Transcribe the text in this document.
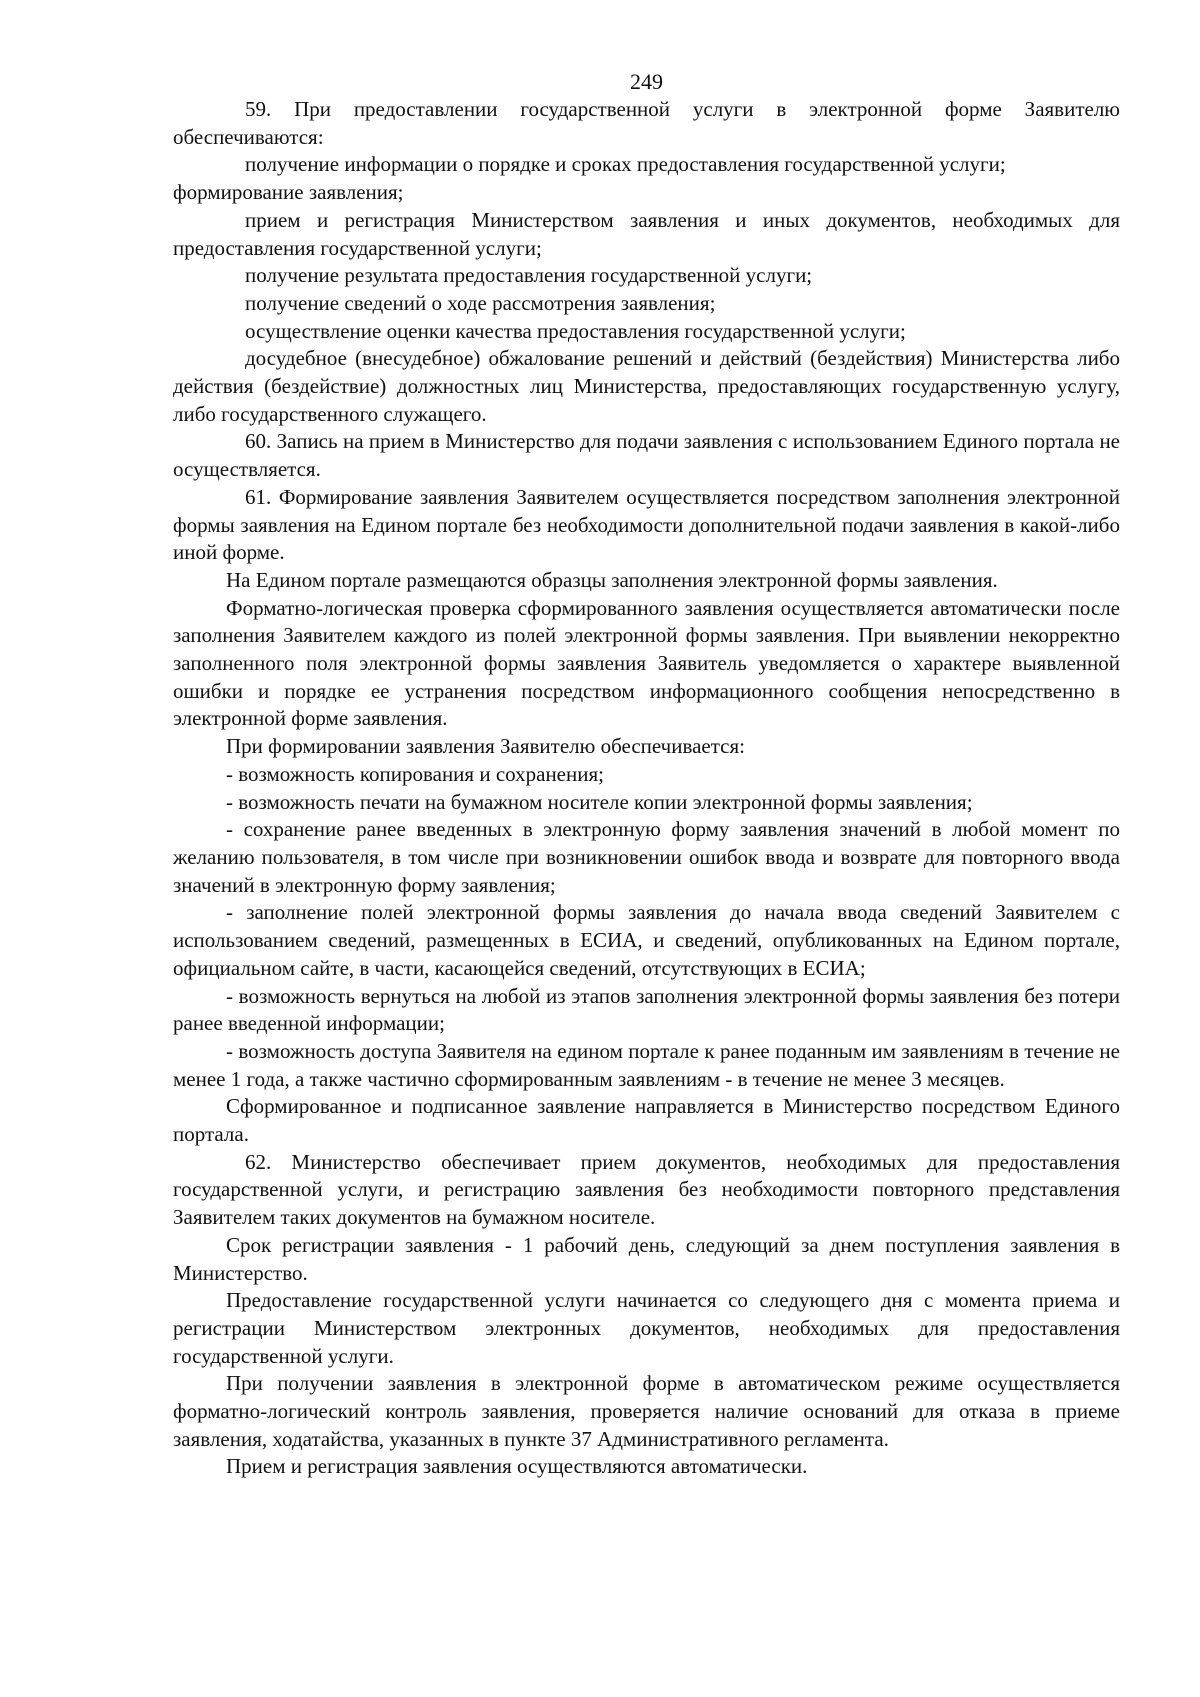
249

59. При предоставлении государственной услуги в электронной форме Заявителю обеспечиваются:

получение информации о порядке и сроках предоставления государственной услуги;

формирование заявления;

прием и регистрация Министерством заявления и иных документов, необходимых для предоставления государственной услуги;

получение результата предоставления государственной услуги;

получение сведений о ходе рассмотрения заявления;

осуществление оценки качества предоставления государственной услуги;

досудебное (внесудебное) обжалование решений и действий (бездействия) Министерства либо действия (бездействие) должностных лиц Министерства, предоставляющих государственную услугу, либо государственного служащего.

60. Запись на прием в Министерство для подачи заявления с использованием Единого портала не осуществляется.

61. Формирование заявления Заявителем осуществляется посредством заполнения электронной формы заявления на Едином портале без необходимости дополнительной подачи заявления в какой-либо иной форме.

На Едином портале размещаются образцы заполнения электронной формы заявления.

Форматно-логическая проверка сформированного заявления осуществляется автоматически после заполнения Заявителем каждого из полей электронной формы заявления. При выявлении некорректно заполненного поля электронной формы заявления Заявитель уведомляется о характере выявленной ошибки и порядке ее устранения посредством информационного сообщения непосредственно в электронной форме заявления.

При формировании заявления Заявителю обеспечивается:

- возможность копирования и сохранения;

- возможность печати на бумажном носителе копии электронной формы заявления;

- сохранение ранее введенных в электронную форму заявления значений в любой момент по желанию пользователя, в том числе при возникновении ошибок ввода и возврате для повторного ввода значений в электронную форму заявления;

- заполнение полей электронной формы заявления до начала ввода сведений Заявителем с использованием сведений, размещенных в ЕСИА, и сведений, опубликованных на Едином портале, официальном сайте, в части, касающейся сведений, отсутствующих в ЕСИА;

- возможность вернуться на любой из этапов заполнения электронной формы заявления без потери ранее введенной информации;

- возможность доступа Заявителя на едином портале к ранее поданным им заявлениям в течение не менее 1 года, а также частично сформированным заявлениям - в течение не менее 3 месяцев.

Сформированное и подписанное заявление направляется в Министерство посредством Единого портала.

62. Министерство обеспечивает прием документов, необходимых для предоставления государственной услуги, и регистрацию заявления без необходимости повторного представления Заявителем таких документов на бумажном носителе.

Срок регистрации заявления - 1 рабочий день, следующий за днем поступления заявления в Министерство.

Предоставление государственной услуги начинается со следующего дня с момента приема и регистрации Министерством электронных документов, необходимых для предоставления государственной услуги.

При получении заявления в электронной форме в автоматическом режиме осуществляется форматно-логический контроль заявления, проверяется наличие оснований для отказа в приеме заявления, ходатайства, указанных в пункте 37 Административного регламента.

Прием и регистрация заявления осуществляются автоматически.
